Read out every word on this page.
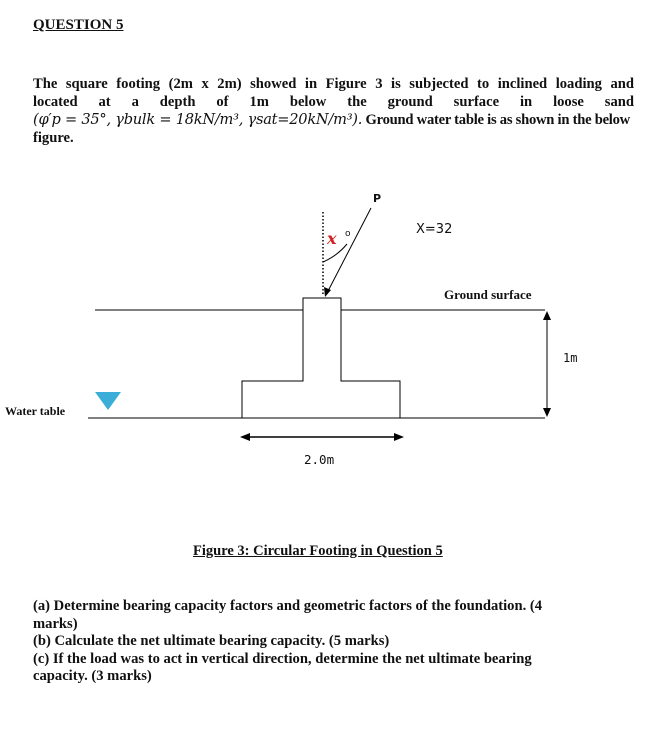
QUESTION 5
The square footing (2m x 2m) showed in Figure 3 is subjected to inclined loading and
located at a depth of 1m below the ground surface in loose sand
(φ′p = 35°, γbulk = 18kN/m³, γsat=20kN/m³). Ground water table is as shown in the below
figure.
P
x o	X=32
Ground surface
1m
Water table
2.0m
Figure 3: Circular Footing in Question 5
(a) Determine bearing capacity factors and geometric factors of the foundation. (4
marks)
(b) Calculate the net ultimate bearing capacity. (5 marks)
(c) If the load was to act in vertical direction, determine the net ultimate bearing
capacity. (3 marks)
